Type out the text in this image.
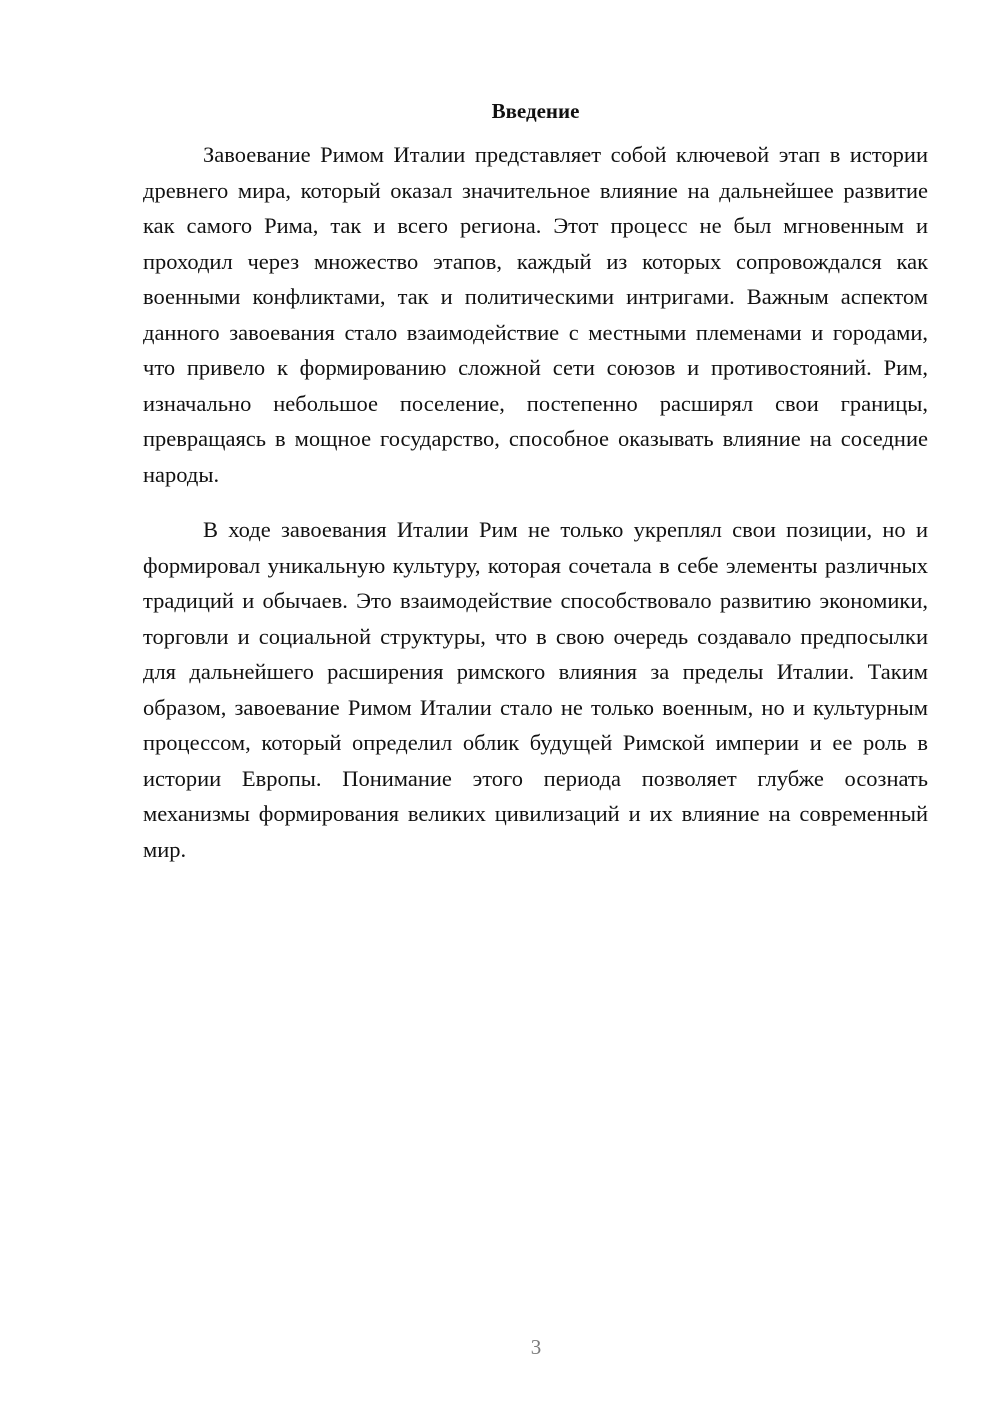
Введение

Завоевание Римом Италии представляет собой ключевой этап в истории древнего мира, который оказал значительное влияние на дальнейшее развитие как самого Рима, так и всего региона. Этот процесс не был мгновенным и проходил через множество этапов, каждый из которых сопровождался как военными конфликтами, так и политическими интригами. Важным аспектом данного завоевания стало взаимодействие с местными племенами и городами, что привело к формированию сложной сети союзов и противостояний. Рим, изначально небольшое поселение, постепенно расширял свои границы, превращаясь в мощное государство, способное оказывать влияние на соседние народы.

В ходе завоевания Италии Рим не только укреплял свои позиции, но и формировал уникальную культуру, которая сочетала в себе элементы различных традиций и обычаев. Это взаимодействие способствовало развитию экономики, торговли и социальной структуры, что в свою очередь создавало предпосылки для дальнейшего расширения римского влияния за пределы Италии. Таким образом, завоевание Римом Италии стало не только военным, но и культурным процессом, который определил облик будущей Римской империи и ее роль в истории Европы. Понимание этого периода позволяет глубже осознать механизмы формирования великих цивилизаций и их влияние на современный мир.

3
